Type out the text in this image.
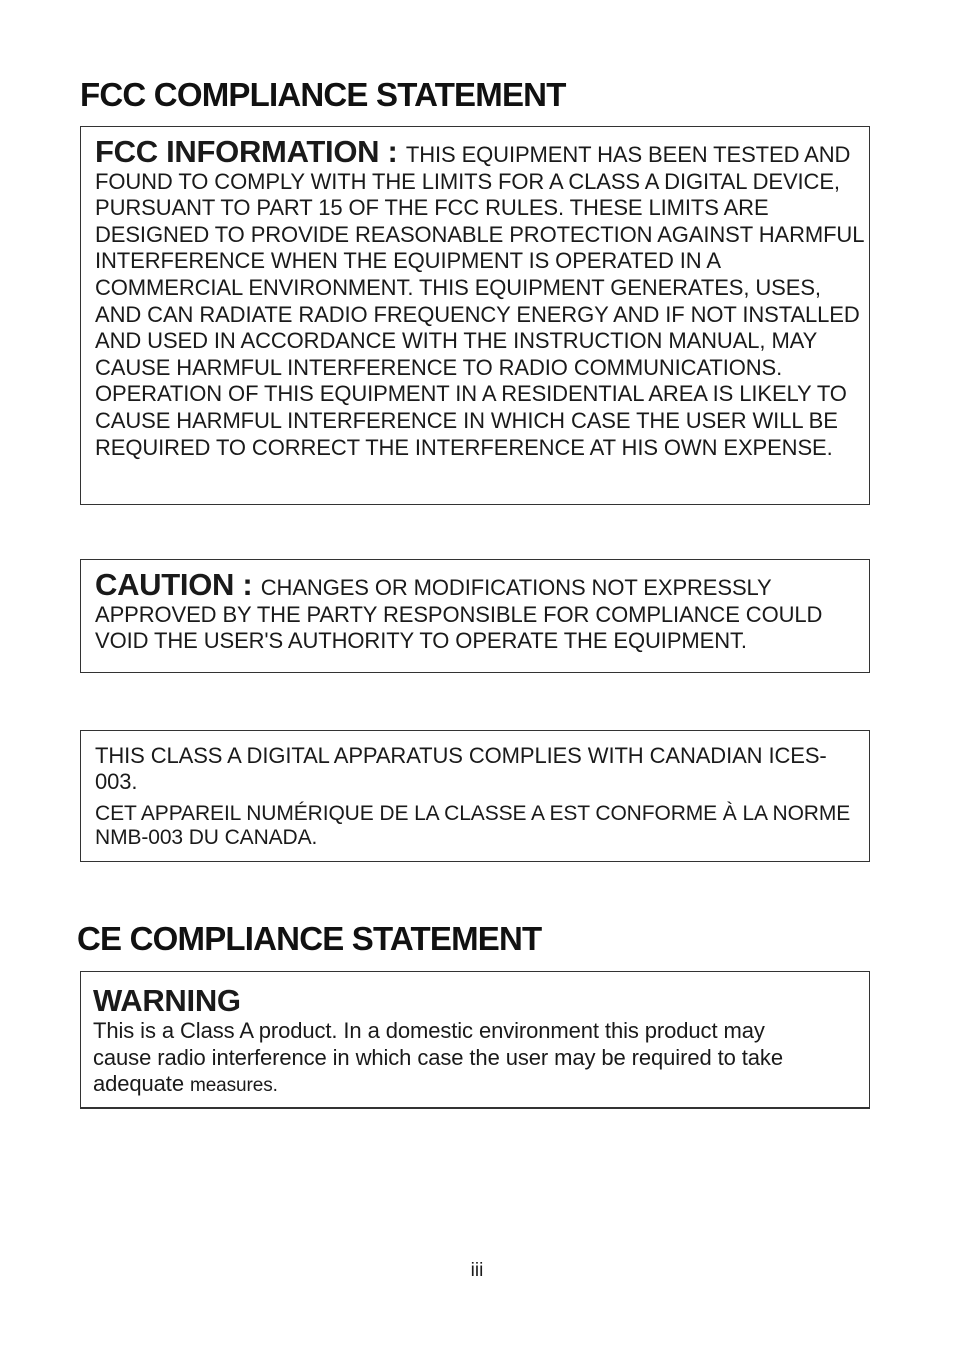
FCC COMPLIANCE STATEMENT

FCC INFORMATION : THIS EQUIPMENT HAS BEEN TESTED AND FOUND TO COMPLY WITH THE LIMITS FOR A CLASS A DIGITAL DEVICE, PURSUANT TO PART 15 OF THE FCC RULES. THESE LIMITS ARE DESIGNED TO PROVIDE REASONABLE PROTECTION AGAINST HARMFUL INTERFERENCE WHEN THE EQUIPMENT IS OPERATED IN A COMMERCIAL ENVIRONMENT. THIS EQUIPMENT GENERATES, USES, AND CAN RADIATE RADIO FREQUENCY ENERGY AND IF NOT INSTALLED AND USED IN ACCORDANCE WITH THE INSTRUCTION MANUAL, MAY CAUSE HARMFUL INTERFERENCE TO RADIO COMMUNICATIONS. OPERATION OF THIS EQUIPMENT IN A RESIDENTIAL AREA IS LIKELY TO CAUSE HARMFUL INTERFERENCE IN WHICH CASE THE USER WILL BE REQUIRED TO CORRECT THE INTERFERENCE AT HIS OWN EXPENSE.

CAUTION : CHANGES OR MODIFICATIONS NOT EXPRESSLY APPROVED BY THE PARTY RESPONSIBLE FOR COMPLIANCE COULD VOID THE USER'S AUTHORITY TO OPERATE THE EQUIPMENT.

THIS CLASS A DIGITAL APPARATUS COMPLIES WITH CANADIAN ICES-003.

CET APPAREIL NUMÉRIQUE DE LA CLASSE A EST CONFORME À LA NORME NMB-003 DU CANADA.

CE COMPLIANCE STATEMENT
WARNING

This is a Class A product. In a domestic environment this product may cause radio interference in which case the user may be required to take adequate measures.

iii
